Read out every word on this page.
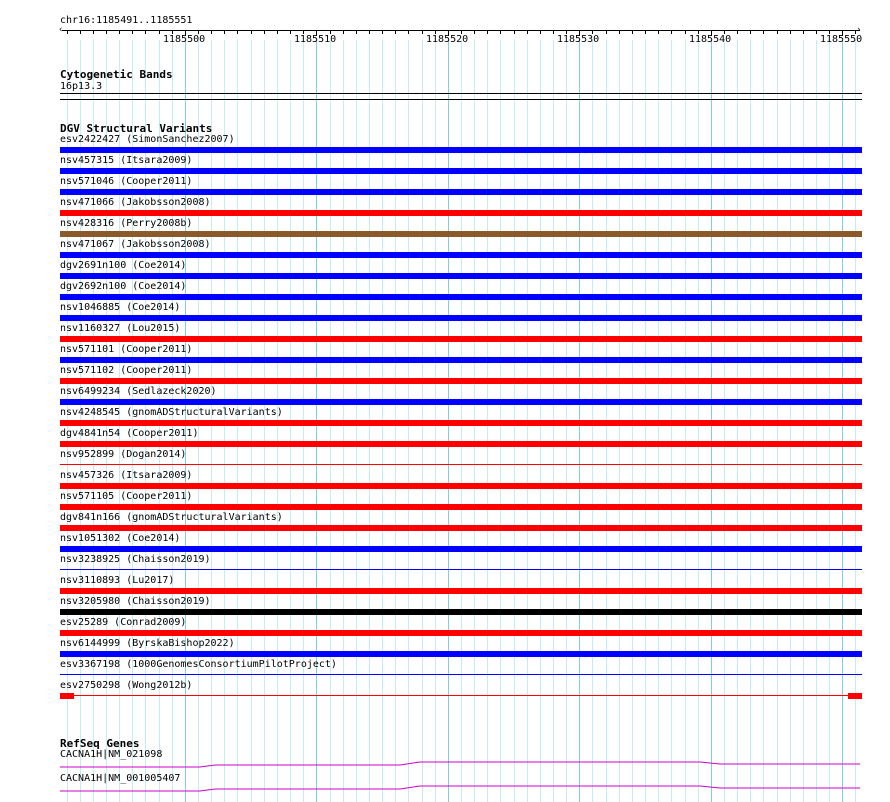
chr16:1185491..1185551
‹	›
1185500	1185510	1185520	1185530	1185540	1185550
Cytogenetic Bands
16p13.3
DGV Structural Variants
esv2422427 (SimonSanchez2007)
nsv457315 (Itsara2009)
nsv571046 (Cooper2011)
nsv471066 (Jakobsson2008)
nsv428316 (Perry2008b)
nsv471067 (Jakobsson2008)
dgv2691n100 (Coe2014)
dgv2692n100 (Coe2014)
nsv1046885 (Coe2014)
nsv1160327 (Lou2015)
nsv571101 (Cooper2011)
nsv571102 (Cooper2011)
nsv6499234 (Sedlazeck2020)
nsv4248545 (gnomADStructuralVariants)
dgv4841n54 (Cooper2011)
nsv952899 (Dogan2014)
nsv457326 (Itsara2009)
nsv571105 (Cooper2011)
dgv841n166 (gnomADStructuralVariants)
nsv1051302 (Coe2014)
nsv3238925 (Chaisson2019)
nsv3110893 (Lu2017)
nsv3205980 (Chaisson2019)
esv25289 (Conrad2009)
nsv6144999 (ByrskaBishop2022)
esv3367198 (1000GenomesConsortiumPilotProject)
esv2750298 (Wong2012b)
RefSeq Genes
CACNA1H|NM_021098
CACNA1H|NM_001005407
